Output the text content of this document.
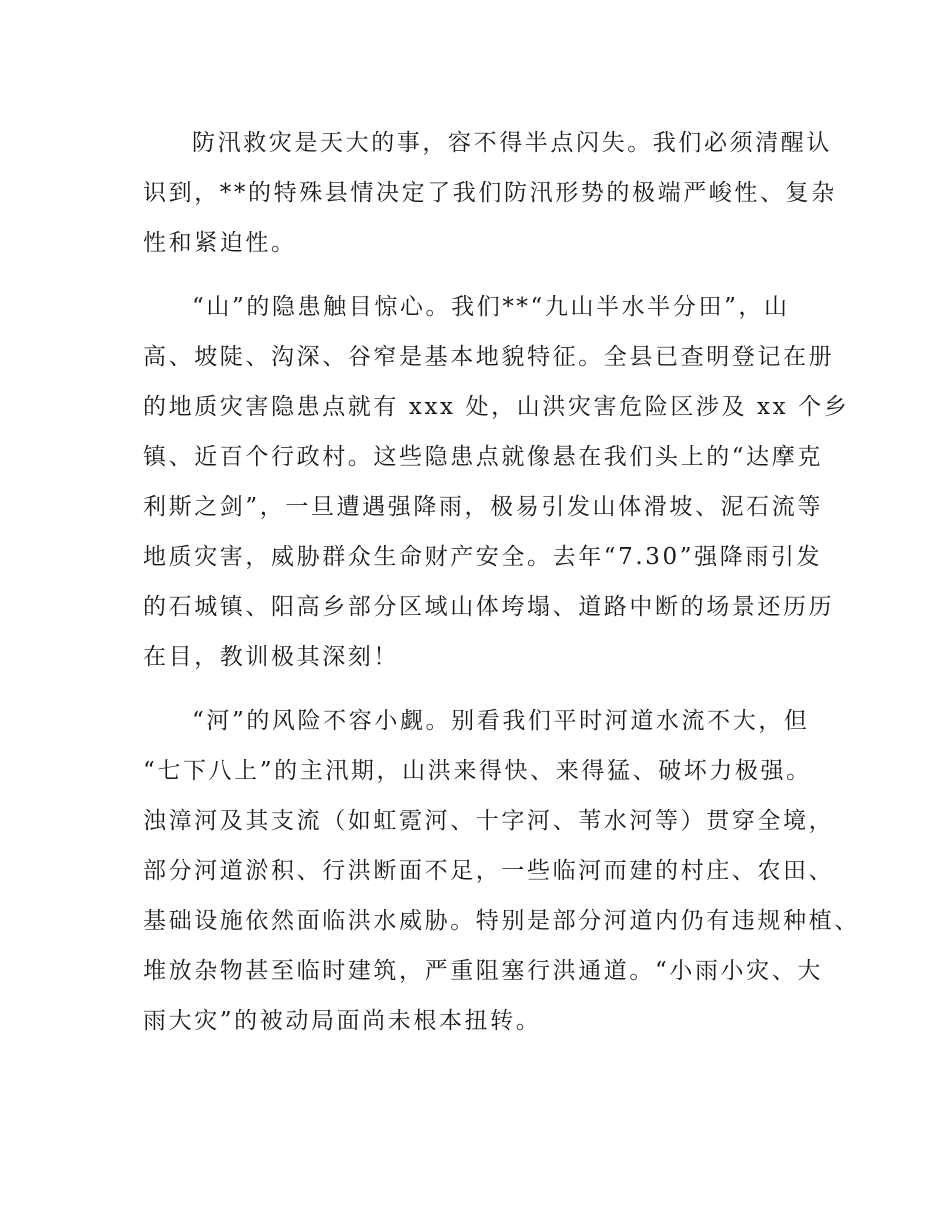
防汛救灾是天大的事，容不得半点闪失。我们必须清醒认

识到，**的特殊县情决定了我们防汛形势的极端严峻性、复杂

性和紧迫性。

“山”的隐患触目惊心。我们**“九山半水半分田”，山

高、坡陡、沟深、谷窄是基本地貌特征。全县已查明登记在册

的地质灾害隐患点就有 xxx 处，山洪灾害危险区涉及 xx 个乡

镇、近百个行政村。这些隐患点就像悬在我们头上的“达摩克

利斯之剑”，一旦遭遇强降雨，极易引发山体滑坡、泥石流等

地质灾害，威胁群众生命财产安全。去年“7.30”强降雨引发

的石城镇、阳高乡部分区域山体垮塌、道路中断的场景还历历

在目，教训极其深刻！

“河”的风险不容小觑。别看我们平时河道水流不大，但

“七下八上”的主汛期，山洪来得快、来得猛、破坏力极强。

浊漳河及其支流（如虹霓河、十字河、苇水河等）贯穿全境，

部分河道淤积、行洪断面不足，一些临河而建的村庄、农田、

基础设施依然面临洪水威胁。特别是部分河道内仍有违规种植、

堆放杂物甚至临时建筑，严重阻塞行洪通道。“小雨小灾、大

雨大灾”的被动局面尚未根本扭转。
